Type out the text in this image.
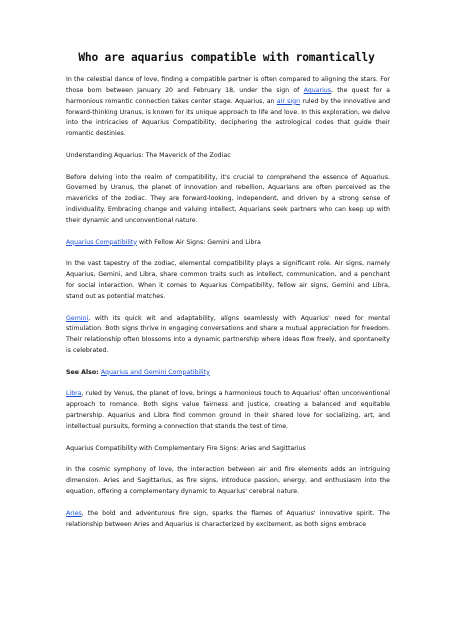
Who are aquarius compatible with romantically

In the celestial dance of love, finding a compatible partner is often compared to aligning the stars. For those born between January 20 and February 18, under the sign of Aquarius, the quest for a harmonious romantic connection takes center stage. Aquarius, an air sign ruled by the innovative and forward-thinking Uranus, is known for its unique approach to life and love. In this exploration, we delve into the intricacies of Aquarius Compatibility, deciphering the astrological codes that guide their romantic destinies.

Understanding Aquarius: The Maverick of the Zodiac

Before delving into the realm of compatibility, it's crucial to comprehend the essence of Aquarius. Governed by Uranus, the planet of innovation and rebellion, Aquarians are often perceived as the mavericks of the zodiac. They are forward-looking, independent, and driven by a strong sense of individuality. Embracing change and valuing intellect, Aquarians seek partners who can keep up with their dynamic and unconventional nature.

Aquarius Compatibility with Fellow Air Signs: Gemini and Libra

In the vast tapestry of the zodiac, elemental compatibility plays a significant role. Air signs, namely Aquarius, Gemini, and Libra, share common traits such as intellect, communication, and a penchant for social interaction. When it comes to Aquarius Compatibility, fellow air signs, Gemini and Libra, stand out as potential matches.

Gemini, with its quick wit and adaptability, aligns seamlessly with Aquarius' need for mental stimulation. Both signs thrive in engaging conversations and share a mutual appreciation for freedom. Their relationship often blossoms into a dynamic partnership where ideas flow freely, and spontaneity is celebrated.

See Also: Aquarius and Gemini Compatibility

Libra, ruled by Venus, the planet of love, brings a harmonious touch to Aquarius' often unconventional approach to romance. Both signs value fairness and justice, creating a balanced and equitable partnership. Aquarius and Libra find common ground in their shared love for socializing, art, and intellectual pursuits, forming a connection that stands the test of time.

Aquarius Compatibility with Complementary Fire Signs: Aries and Sagittarius

In the cosmic symphony of love, the interaction between air and fire elements adds an intriguing dimension. Aries and Sagittarius, as fire signs, introduce passion, energy, and enthusiasm into the equation, offering a complementary dynamic to Aquarius' cerebral nature.

Aries, the bold and adventurous fire sign, sparks the flames of Aquarius' innovative spirit. The relationship between Aries and Aquarius is characterized by excitement, as both signs embrace
